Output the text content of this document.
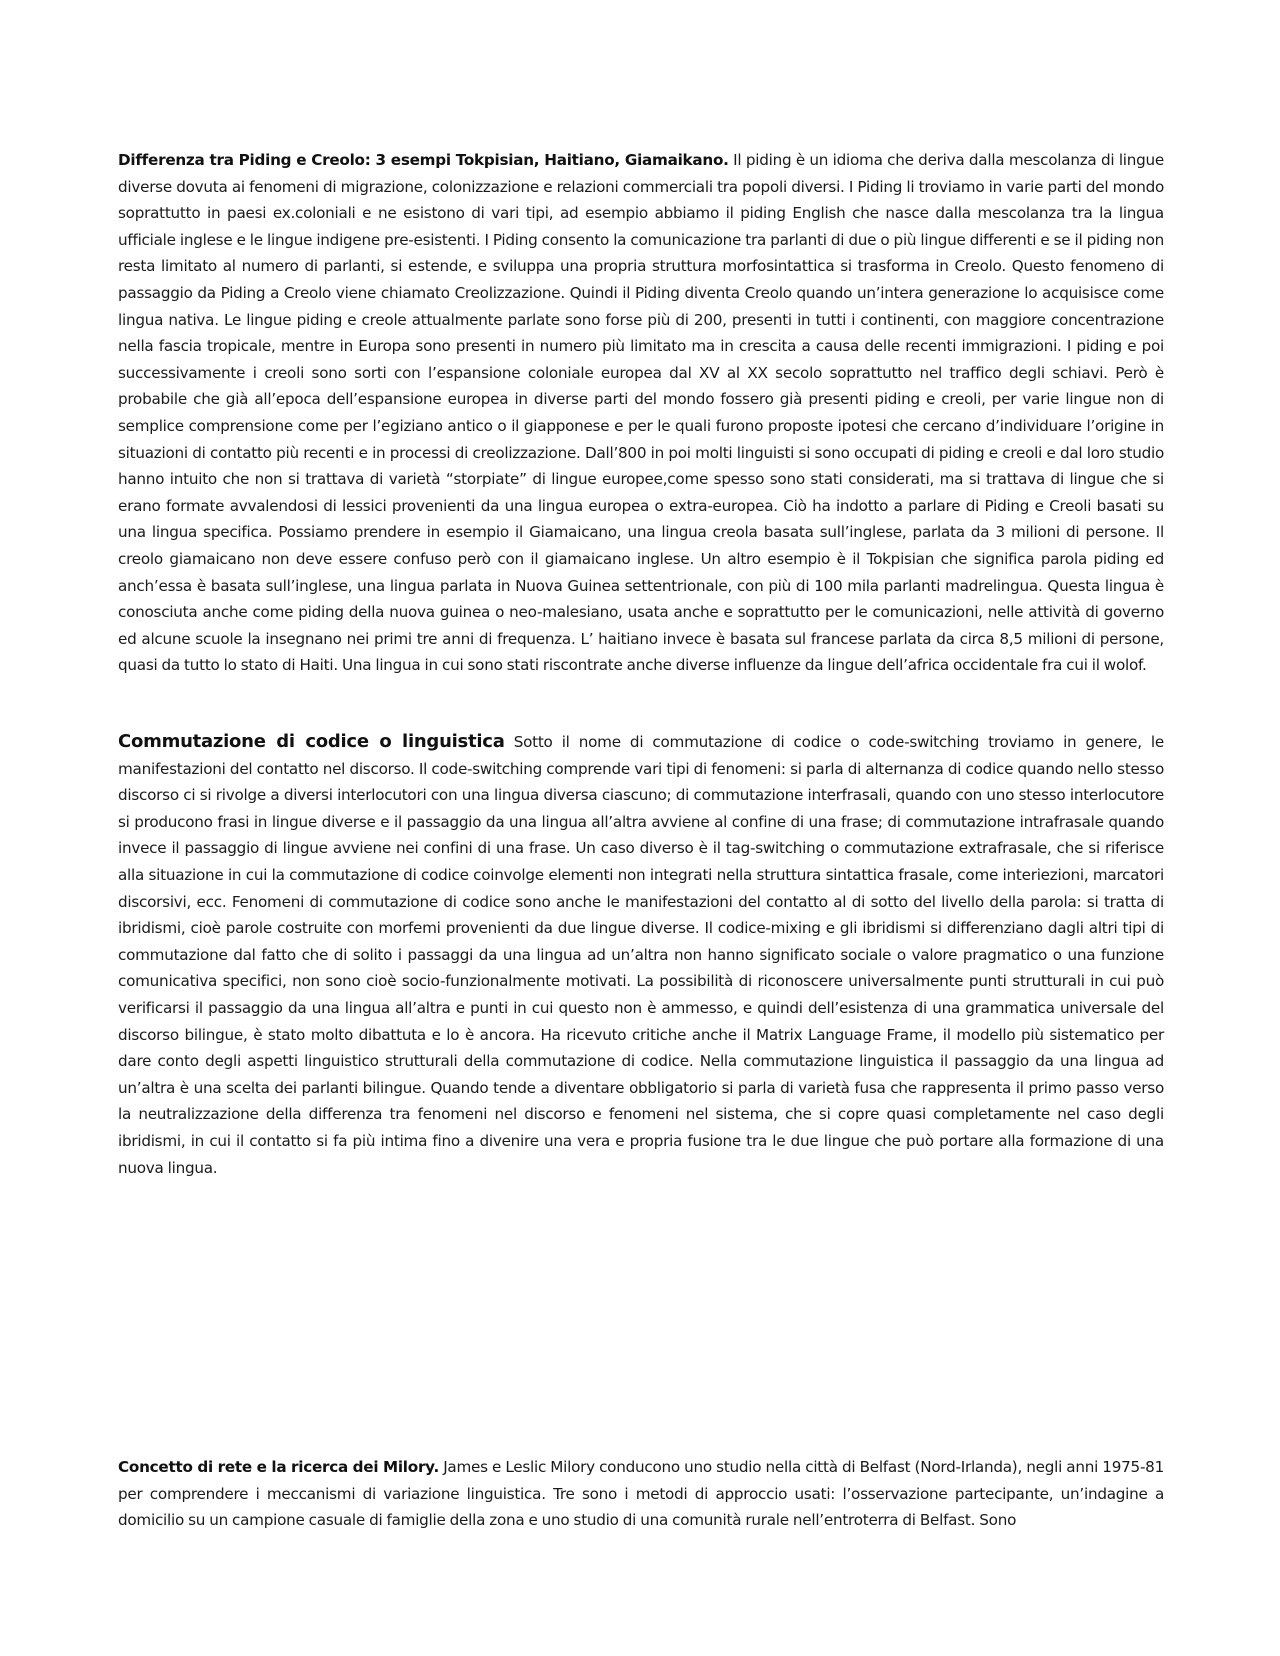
Differenza tra Piding e Creolo: 3 esempi Tokpisian, Haitiano, Giamaikano. Il piding è un idioma che deriva dalla mescolanza di lingue diverse dovuta ai fenomeni di migrazione, colonizzazione e relazioni commerciali tra popoli diversi. I Piding li troviamo in varie parti del mondo soprattutto in paesi ex.coloniali e ne esistono di vari tipi, ad esempio abbiamo il piding English che nasce dalla mescolanza tra la lingua ufficiale inglese e le lingue indigene pre-esistenti. I Piding consento la comunicazione tra parlanti di due o più lingue differenti e se il piding non resta limitato al numero di parlanti, si estende, e sviluppa una propria struttura morfosintattica si trasforma in Creolo. Questo fenomeno di passaggio da Piding a Creolo viene chiamato Creolizzazione. Quindi il Piding diventa Creolo quando un’intera generazione lo acquisisce come lingua nativa. Le lingue piding e creole attualmente parlate sono forse più di 200, presenti in tutti i continenti, con maggiore concentrazione nella fascia tropicale, mentre in Europa sono presenti in numero più limitato ma in crescita a causa delle recenti immigrazioni. I piding e poi successivamente i creoli sono sorti con l’espansione coloniale europea dal XV al XX secolo soprattutto nel traffico degli schiavi. Però è probabile che già all’epoca dell’espansione europea in diverse parti del mondo fossero già presenti piding e creoli, per varie lingue non di semplice comprensione come per l’egiziano antico o il giapponese e per le quali furono proposte ipotesi che cercano d’individuare l’origine in situazioni di contatto più recenti e in processi di creolizzazione. Dall’800 in poi molti linguisti si sono occupati di piding e creoli e dal loro studio hanno intuito che non si trattava di varietà “storpiate” di lingue europee,come spesso sono stati considerati, ma si trattava di lingue che si erano formate avvalendosi di lessici provenienti da una lingua europea o extra-europea. Ciò ha indotto a parlare di Piding e Creoli basati su una lingua specifica. Possiamo prendere in esempio il Giamaicano, una lingua creola basata sull’inglese, parlata da 3 milioni di persone. Il creolo giamaicano non deve essere confuso però con il giamaicano inglese. Un altro esempio è il Tokpisian che significa parola piding ed anch’essa è basata sull’inglese, una lingua parlata in Nuova Guinea settentrionale, con più di 100 mila parlanti madrelingua. Questa lingua è conosciuta anche come piding della nuova guinea o neo-malesiano, usata anche e soprattutto per le comunicazioni, nelle attività di governo ed alcune scuole la insegnano nei primi tre anni di frequenza. L’ haitiano invece è basata sul francese parlata da circa 8,5 milioni di persone, quasi da tutto lo stato di Haiti. Una lingua in cui sono stati riscontrate anche diverse influenze da lingue dell’africa occidentale fra cui il wolof.

Commutazione di codice o linguistica Sotto il nome di commutazione di codice o code-switching troviamo in genere, le manifestazioni del contatto nel discorso. Il code-switching comprende vari tipi di fenomeni: si parla di alternanza di codice quando nello stesso discorso ci si rivolge a diversi interlocutori con una lingua diversa ciascuno; di commutazione interfrasali, quando con uno stesso interlocutore si producono frasi in lingue diverse e il passaggio da una lingua all’altra avviene al confine di una frase; di commutazione intrafrasale quando invece il passaggio di lingue avviene nei confini di una frase. Un caso diverso è il tag-switching o commutazione extrafrasale, che si riferisce alla situazione in cui la commutazione di codice coinvolge elementi non integrati nella struttura sintattica frasale, come interiezioni, marcatori discorsivi, ecc. Fenomeni di commutazione di codice sono anche le manifestazioni del contatto al di sotto del livello della parola: si tratta di ibridismi, cioè parole costruite con morfemi provenienti da due lingue diverse. Il codice-mixing e gli ibridismi si differenziano dagli altri tipi di commutazione dal fatto che di solito i passaggi da una lingua ad un’altra non hanno significato sociale o valore pragmatico o una funzione comunicativa specifici, non sono cioè socio-funzionalmente motivati. La possibilità di riconoscere universalmente punti strutturali in cui può verificarsi il passaggio da una lingua all’altra e punti in cui questo non è ammesso, e quindi dell’esistenza di una grammatica universale del discorso bilingue, è stato molto dibattuta e lo è ancora. Ha ricevuto critiche anche il Matrix Language Frame, il modello più sistematico per dare conto degli aspetti linguistico strutturali della commutazione di codice. Nella commutazione linguistica il passaggio da una lingua ad un’altra è una scelta dei parlanti bilingue. Quando tende a diventare obbligatorio si parla di varietà fusa che rappresenta il primo passo verso la neutralizzazione della differenza tra fenomeni nel discorso e fenomeni nel sistema, che si copre quasi completamente nel caso degli ibridismi, in cui il contatto si fa più intima fino a divenire una vera e propria fusione tra le due lingue che può portare alla formazione di una nuova lingua.

Concetto di rete e la ricerca dei Milory. James e Leslic Milory conducono uno studio nella città di Belfast (Nord-Irlanda), negli anni 1975-81 per comprendere i meccanismi di variazione linguistica. Tre sono i metodi di approccio usati: l’osservazione partecipante, un’indagine a domicilio su un campione casuale di famiglie della zona e uno studio di una comunità rurale nell’entroterra di Belfast. Sono
